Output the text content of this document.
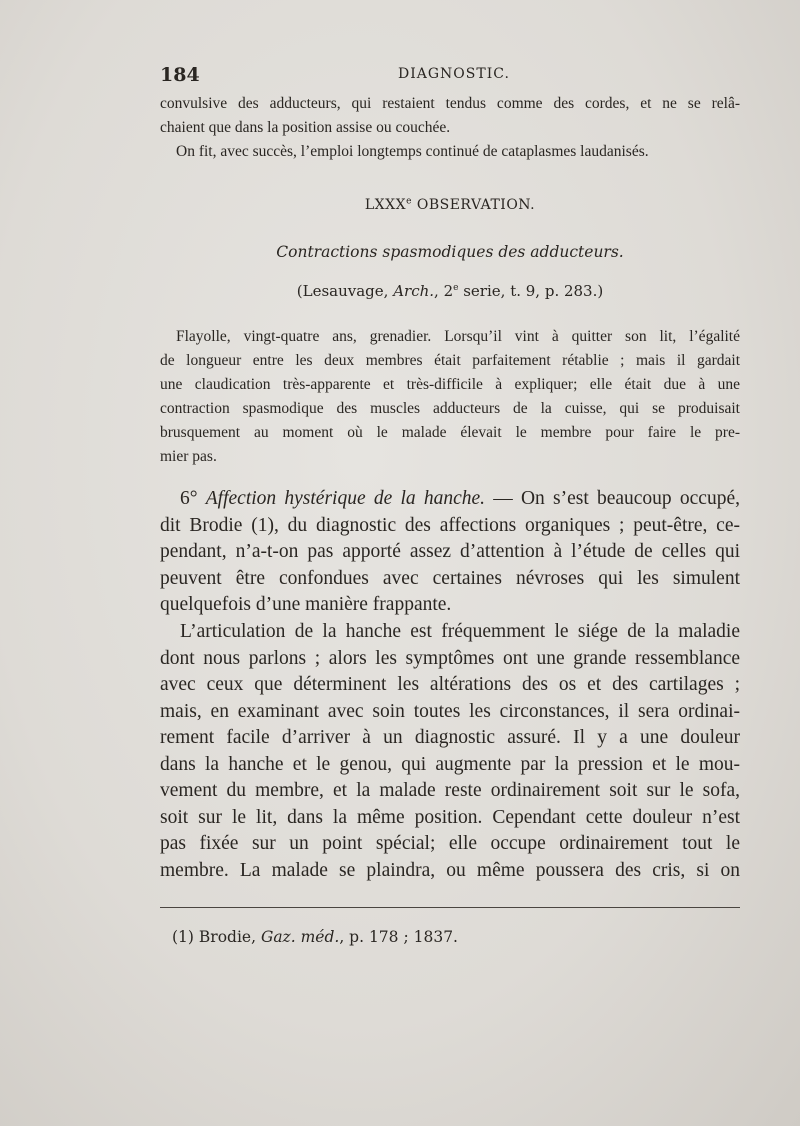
184	DIAGNOSTIC.
convulsive des adducteurs, qui restaient tendus comme des cordes, et ne se relâ-
chaient que dans la position assise ou couchée.
On fit, avec succès, l’emploi longtemps continué de cataplasmes laudanisés.
LXXXe OBSERVATION.
Contractions spasmodiques des adducteurs.
(Lesauvage, Arch., 2e serie, t. 9, p. 283.)
Flayolle, vingt-quatre ans, grenadier. Lorsqu’il vint à quitter son lit, l’égalité
de longueur entre les deux membres était parfaitement rétablie ; mais il gardait
une claudication très-apparente et très-difficile à expliquer; elle était due à une
contraction spasmodique des muscles adducteurs de la cuisse, qui se produisait
brusquement au moment où le malade élevait le membre pour faire le pre-
mier pas.
6° Affection hystérique de la hanche. — On s’est beaucoup occupé,
dit Brodie (1), du diagnostic des affections organiques ; peut-être, ce-
pendant, n’a-t-on pas apporté assez d’attention à l’étude de celles qui
peuvent être confondues avec certaines névroses qui les simulent
quelquefois d’une manière frappante.
L’articulation de la hanche est fréquemment le siége de la maladie
dont nous parlons ; alors les symptômes ont une grande ressemblance
avec ceux que déterminent les altérations des os et des cartilages ;
mais, en examinant avec soin toutes les circonstances, il sera ordinai-
rement facile d’arriver à un diagnostic assuré. Il y a une douleur
dans la hanche et le genou, qui augmente par la pression et le mou-
vement du membre, et la malade reste ordinairement soit sur le sofa,
soit sur le lit, dans la même position. Cependant cette douleur n’est
pas fixée sur un point spécial; elle occupe ordinairement tout le
membre. La malade se plaindra, ou même poussera des cris, si on
(1) Brodie, Gaz. méd., p. 178 ; 1837.
